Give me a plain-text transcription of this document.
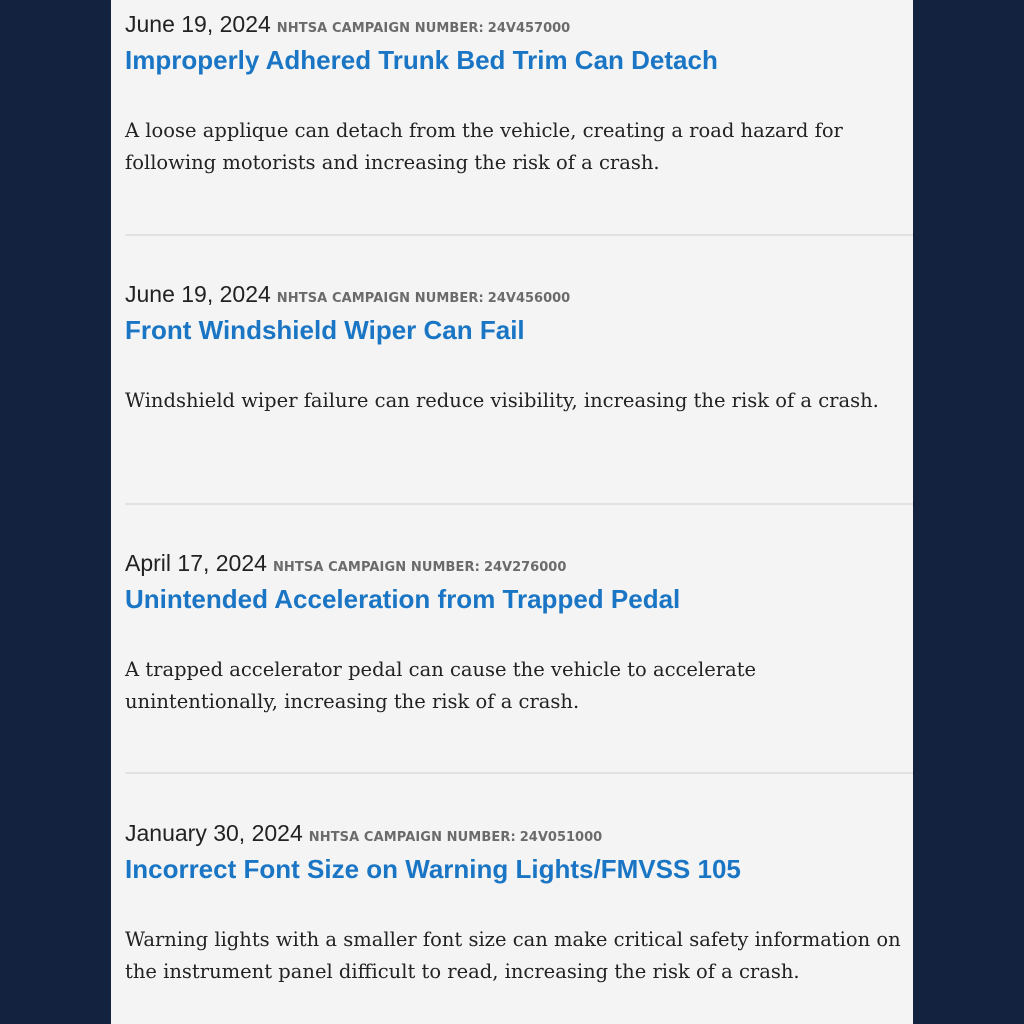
June 19, 2024 NHTSA CAMPAIGN NUMBER: 24V457000
Improperly Adhered Trunk Bed Trim Can Detach

A loose applique can detach from the vehicle, creating a road hazard for following motorists and increasing the risk of a crash.

June 19, 2024 NHTSA CAMPAIGN NUMBER: 24V456000
Front Windshield Wiper Can Fail

Windshield wiper failure can reduce visibility, increasing the risk of a crash.

April 17, 2024 NHTSA CAMPAIGN NUMBER: 24V276000
Unintended Acceleration from Trapped Pedal

A trapped accelerator pedal can cause the vehicle to accelerate unintentionally, increasing the risk of a crash.

January 30, 2024 NHTSA CAMPAIGN NUMBER: 24V051000
Incorrect Font Size on Warning Lights/FMVSS 105

Warning lights with a smaller font size can make critical safety information on the instrument panel difficult to read, increasing the risk of a crash.
